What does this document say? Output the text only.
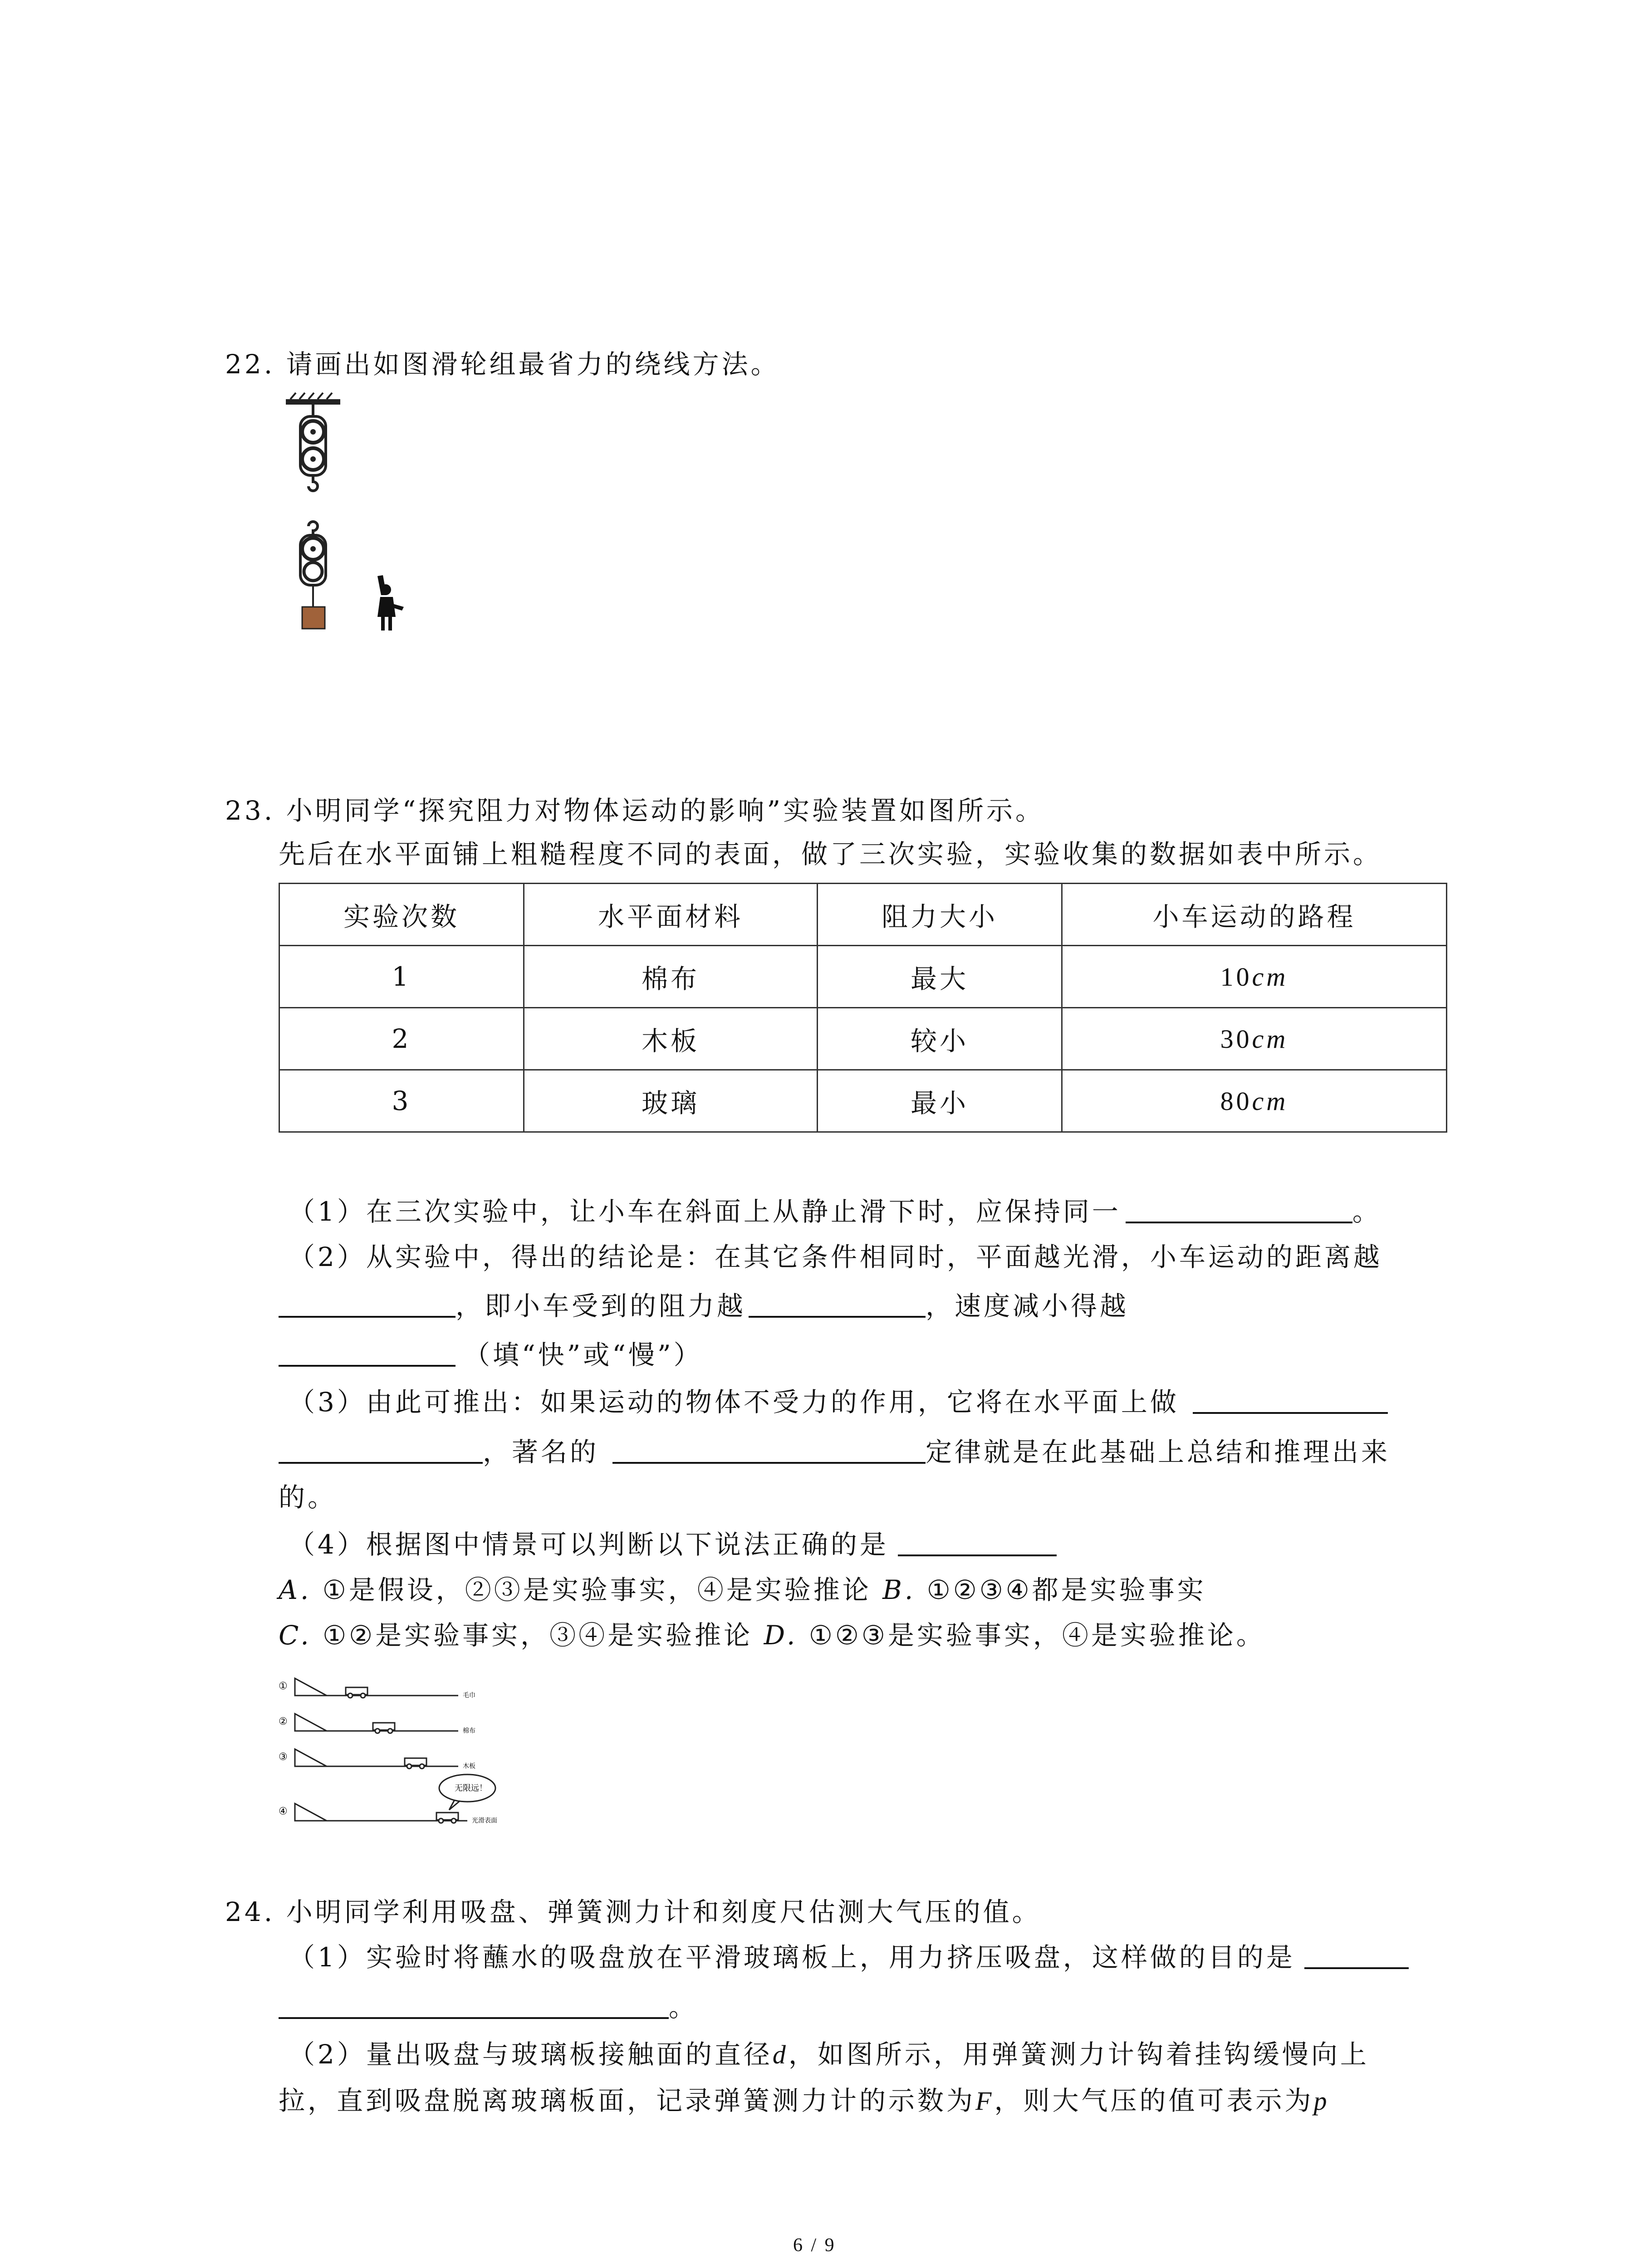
22. 请画出如图滑轮组最省力的绕线方法。
23. 小明同学“探究阻力对物体运动的影响”实验装置如图所示。
先后在水平面铺上粗糙程度不同的表面，做了三次实验，实验收集的数据如表中所示。
实验次数	水平面材料	阻力大小	小车运动的路程
1	棉布	最大	10cm
2	木板	较小	30cm
3	玻璃	最小	80cm
（1）在三次实验中，让小车在斜面上从静止滑下时，应保持同一	。
（2）从实验中，得出的结论是：在其它条件相同时，平面越光滑，小车运动的距离越
，即小车受到的阻力越	，速度减小得越
（填“快”或“慢”）
（3）由此可推出：如果运动的物体不受力的作用，它将在水平面上做
，著名的	定律就是在此基础上总结和推理出来
的。
（4）根据图中情景可以判断以下说法正确的是
A. ①是假设，②③是实验事实，④是实验推论 B. ①②③④都是实验事实
C. ①②是实验事实，③④是实验推论 D. ①②③是实验事实，④是实验推论。
①
②
③
④
毛巾
棉布
木板
光滑表面
无限远！
24. 小明同学利用吸盘、弹簧测力计和刻度尺估测大气压的值。
（1）实验时将蘸水的吸盘放在平滑玻璃板上，用力挤压吸盘，这样做的目的是
。
（2）量出吸盘与玻璃板接触面的直径d，如图所示，用弹簧测力计钩着挂钩缓慢向上
拉，直到吸盘脱离玻璃板面，记录弹簧测力计的示数为F，则大气压的值可表示为p
6 / 9
